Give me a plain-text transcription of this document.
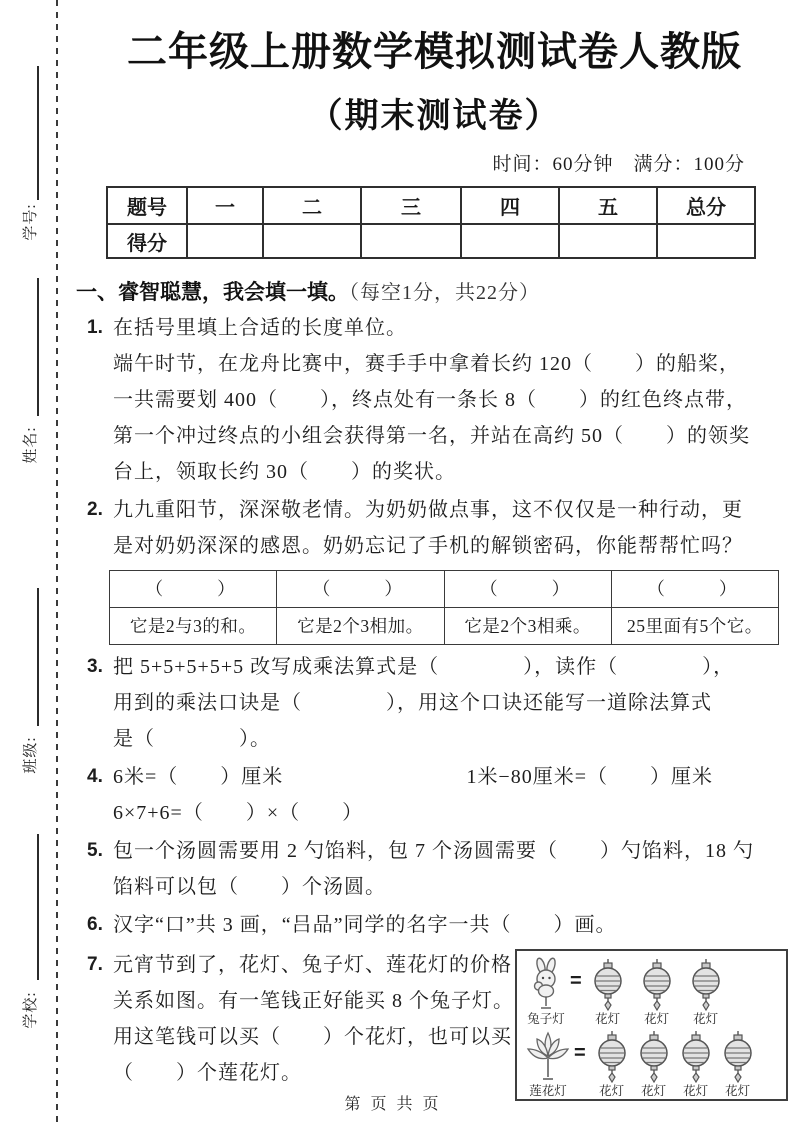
学号:
姓名:
班级:
学校:
二年级上册数学模拟测试卷人教版
（期末测试卷）
时间：60分钟　满分：100分
题号	一	二	三	四	五	总分
得分						
一、睿智聪慧，我会填一填。（每空1分，共22分）
1. 在括号里填上合适的长度单位。
端午时节，在龙舟比赛中，赛手手中拿着长约 120（　　）的船桨，
一共需要划 400（　　），终点处有一条长 8（　　）的红色终点带，
第一个冲过终点的小组会获得第一名，并站在高约 50（　　）的领奖
台上，领取长约 30（　　）的奖状。
2. 九九重阳节，深深敬老情。为奶奶做点事，这不仅仅是一种行动，更
是对奶奶深深的感恩。奶奶忘记了手机的解锁密码，你能帮帮忙吗？
（　　）	（　　）	（　　）	（　　）
它是2与3的和。	它是2个3相加。	它是2个3相乘。	25里面有5个它。
3. 把 5+5+5+5+5 改写成乘法算式是（　　　　），读作（　　　　），
用到的乘法口诀是（　　　　），用这个口诀还能写一道除法算式
是（　　　　）。
4. 6米=（　　）厘米	1米−80厘米=（　　）厘米
6×7+6=（　　）×（　　）
5. 包一个汤圆需要用 2 勺馅料，包 7 个汤圆需要（　　）勺馅料，18 勺
馅料可以包（　　）个汤圆。
6. 汉字“口”共 3 画，“吕品”同学的名字一共（　　）画。
7. 元宵节到了，花灯、兔子灯、莲花灯的价格
关系如图。有一笔钱正好能买 8 个兔子灯。
用这笔钱可以买（　　）个花灯，也可以买
（　　）个莲花灯。
兔子灯
=
花灯 花灯 花灯
莲花灯
=
花灯 花灯 花灯 花灯
第页共页
